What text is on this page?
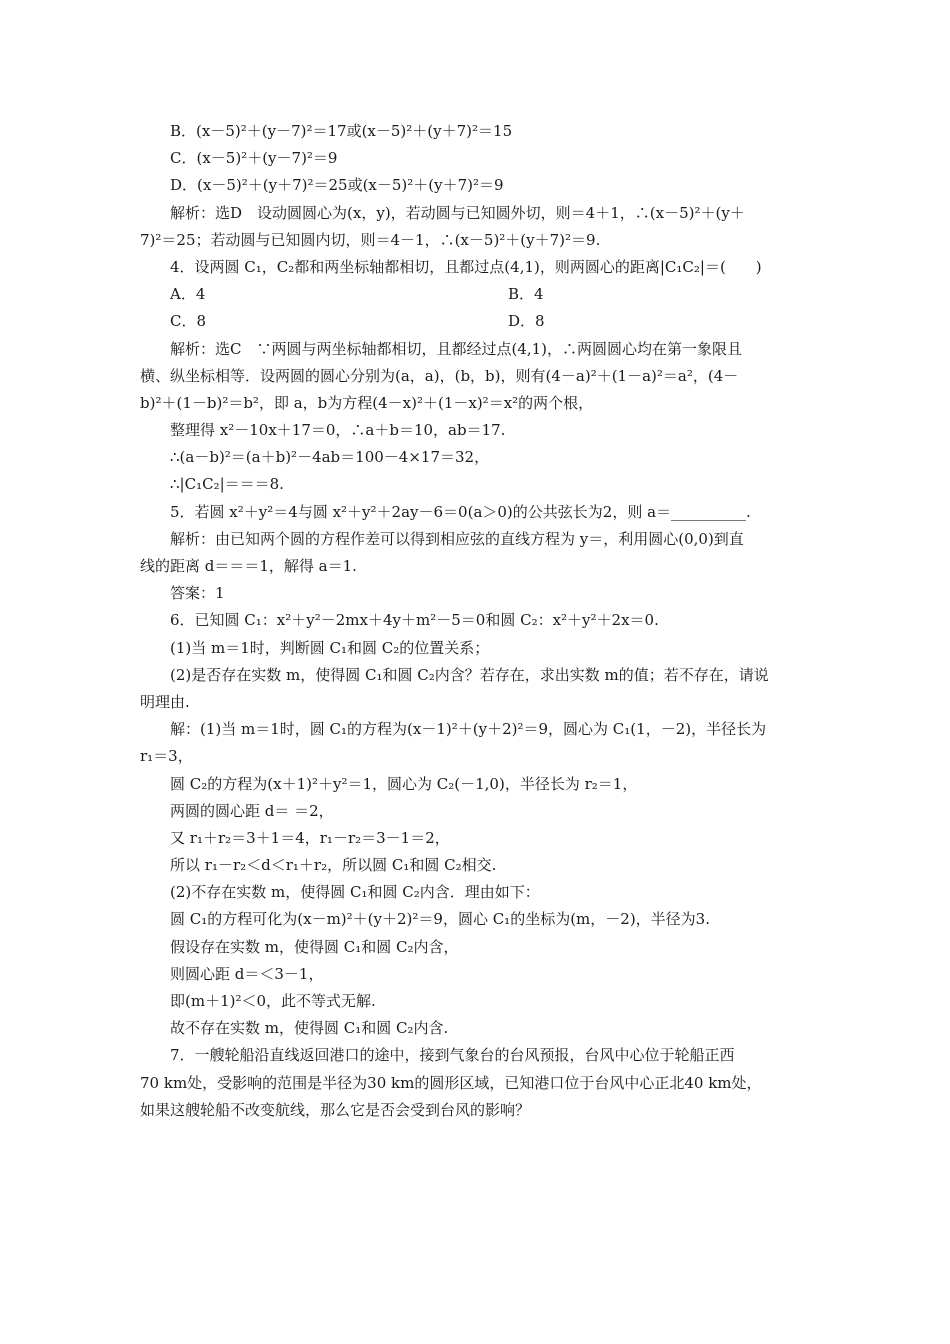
B．(x－5)²＋(y－7)²＝17或(x－5)²＋(y＋7)²＝15
C．(x－5)²＋(y－7)²＝9
D．(x－5)²＋(y＋7)²＝25或(x－5)²＋(y＋7)²＝9
解析：选D　设动圆圆心为(x，y)，若动圆与已知圆外切，则＝4＋1，∴(x－5)²＋(y＋
7)²＝25；若动圆与已知圆内切，则＝4－1，∴(x－5)²＋(y＋7)²＝9.
4．设两圆 C₁，C₂都和两坐标轴都相切，且都过点(4,1)，则两圆心的距离|C₁C₂|＝(　　)
A．4	B．4
C．8	D．8
解析：选C　∵两圆与两坐标轴都相切，且都经过点(4,1)，∴两圆圆心均在第一象限且
横、纵坐标相等．设两圆的圆心分别为(a，a)，(b，b)，则有(4－a)²＋(1－a)²＝a²，(4－
b)²＋(1－b)²＝b²，即 a，b为方程(4－x)²＋(1－x)²＝x²的两个根，
整理得 x²－10x＋17＝0，∴a＋b＝10，ab＝17.
∴(a－b)²＝(a＋b)²－4ab＝100－4×17＝32，
∴|C₁C₂|＝＝＝8.
5．若圆 x²＋y²＝4与圆 x²＋y²＋2ay－6＝0(a＞0)的公共弦长为2，则 a＝__________.
解析：由已知两个圆的方程作差可以得到相应弦的直线方程为 y＝，利用圆心(0,0)到直
线的距离 d＝＝＝1，解得 a＝1.
答案：1
6．已知圆 C₁：x²＋y²－2mx＋4y＋m²－5＝0和圆 C₂：x²＋y²＋2x＝0.
(1)当 m＝1时，判断圆 C₁和圆 C₂的位置关系；
(2)是否存在实数 m，使得圆 C₁和圆 C₂内含？若存在，求出实数 m的值；若不存在，请说
明理由.
解：(1)当 m＝1时，圆 C₁的方程为(x－1)²＋(y＋2)²＝9，圆心为 C₁(1，－2)，半径长为
r₁＝3，
圆 C₂的方程为(x＋1)²＋y²＝1，圆心为 C₂(－1,0)，半径长为 r₂＝1，
两圆的圆心距 d＝ ＝2，
又 r₁＋r₂＝3＋1＝4，r₁－r₂＝3－1＝2，
所以 r₁－r₂＜d＜r₁＋r₂，所以圆 C₁和圆 C₂相交.
(2)不存在实数 m，使得圆 C₁和圆 C₂内含．理由如下：
圆 C₁的方程可化为(x－m)²＋(y＋2)²＝9，圆心 C₁的坐标为(m，－2)，半径为3.
假设存在实数 m，使得圆 C₁和圆 C₂内含，
则圆心距 d＝＜3－1，
即(m＋1)²＜0，此不等式无解.
故不存在实数 m，使得圆 C₁和圆 C₂内含.
7．一艘轮船沿直线返回港口的途中，接到气象台的台风预报，台风中心位于轮船正西
70 km处，受影响的范围是半径为30 km的圆形区域，已知港口位于台风中心正北40 km处，
如果这艘轮船不改变航线，那么它是否会受到台风的影响？
